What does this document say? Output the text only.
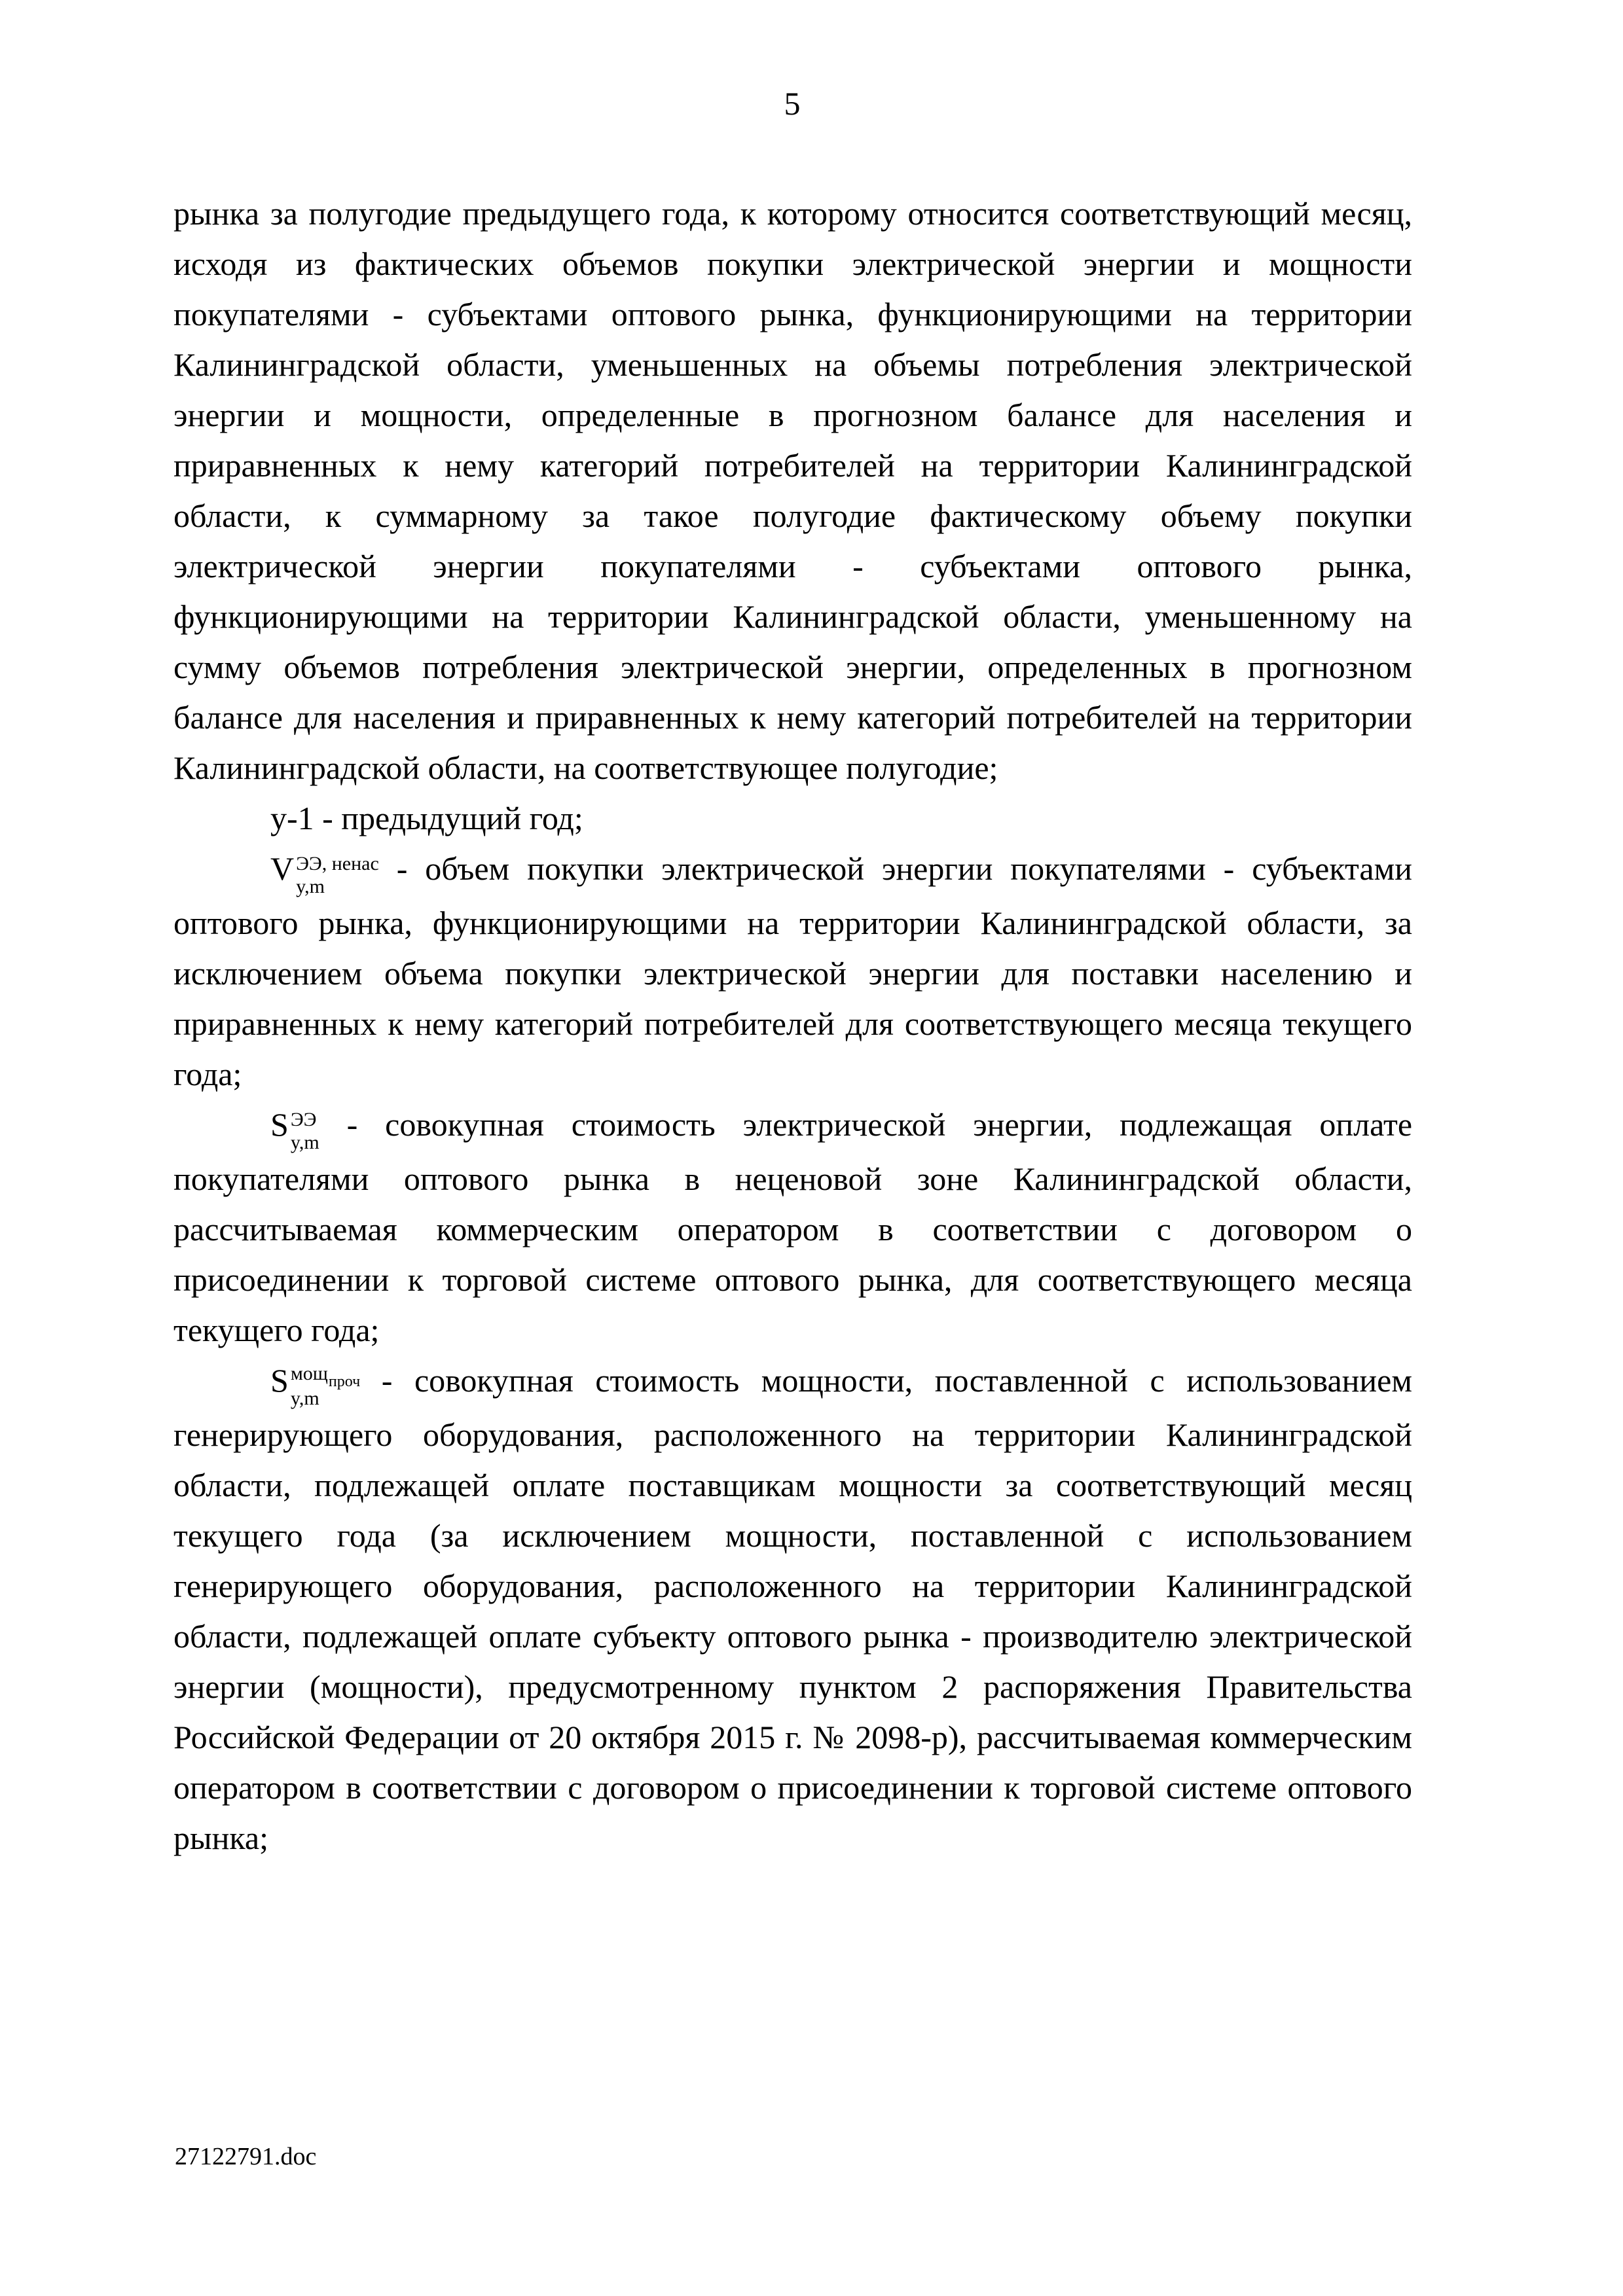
5

рынка за полугодие предыдущего года, к которому относится соответствующий месяц, исходя из фактических объемов покупки электрической энергии и мощности покупателями - субъектами оптового рынка, функционирующими на территории Калининградской области, уменьшенных на объемы потребления электрической энергии и мощности, определенные в прогнозном балансе для населения и приравненных к нему категорий потребителей на территории Калининградской области, к суммарному за такое полугодие фактическому объему покупки электрической энергии покупателями - субъектами оптового рынка, функционирующими на территории Калининградской области, уменьшенному на сумму объемов потребления электрической энергии, определенных в прогнозном балансе для населения и приравненных к нему категорий потребителей на территории Калининградской области, на соответствующее полугодие;

y-1 - предыдущий год;

V ЭЭ, ненас
y,m	- объем покупки электрической энергии покупателями - субъектами оптового рынка, функционирующими на территории Калининградской области, за исключением объема покупки электрической энергии для поставки населению и приравненных к нему категорий потребителей для соответствующего месяца текущего года;

S ЭЭ
y,m - совокупная стоимость электрической энергии, подлежащая оплате покупателями оптового рынка в неценовой зоне Калининградской области, рассчитываемая коммерческим оператором в соответствии с договором о присоединении к торговой системе оптового рынка, для соответствующего месяца текущего года;

S мощ$_{проч}$
y,m	- совокупная стоимость мощности, поставленной с использованием генерирующего оборудования, расположенного на территории Калининградской области, подлежащей оплате поставщикам мощности за соответствующий месяц текущего года (за исключением мощности, поставленной с использованием генерирующего оборудования, расположенного на территории Калининградской области, подлежащей оплате субъекту оптового рынка - производителю электрической энергии (мощности), предусмотренному пунктом 2 распоряжения Правительства Российской Федерации от 20 октября 2015 г. № 2098-р), рассчитываемая коммерческим оператором в соответствии с договором о присоединении к торговой системе оптового рынка;

27122791.doc
